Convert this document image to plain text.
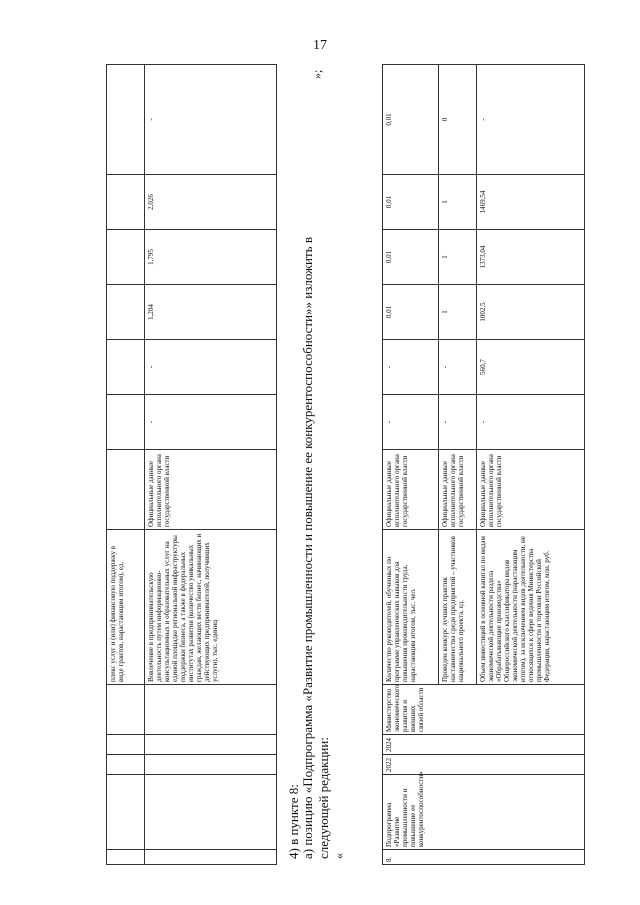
17
					плекс услуг и (или) финансовую поддержку в виде грантов, нарастающим итогом), ед.							
					Вовлечение в предпринимательскую деятельность путем информационно-консультационных и образовательных услуг на единой площадке региональной инфраструктуры поддержки бизнеса, а также в федеральных институтах развития (количество уникальных граждан, желающих вести бизнес, начинающих и действующих предпринимателей, получивших услуги), тыс. единиц	Официальные данные исполнительного органа государственной власти	-	-	1,204	1,795	2,026	-
4) в пункте 8: а) позицию «Подпрограмма «Развитие промышленности и повышение ее конкурентоспособности»» изложить в следующей редакции:
»;
«
8.	Подпрограмма «Развитие промышленности и повышение ее конкурентоспособности»	2022	2024	Министерство экономического развития и внешних связей области	Количество руководителей, обученных по программе управленческих навыков для повышения производительности труда, нарастающим итогом, тыс. чел.	Официальные данные исполнительного органа государственной власти	-	-	0,01	0,01	0,01	0,01
					Проведен конкурс лучших практик наставничества среди предприятий – участников национального проекта, ед.	Официальные данные исполнительного органа государственной власти	-	-	1	1	1	0
					Объем инвестиций в основной капитал по видам экономической деятельности раздела «Обрабатывающие производства» Общероссийского классификатора видов экономической деятельности (нарастающим итогом), за исключением видов деятельности, не относящихся к сфере ведения Министерства промышленности и торговли Российской Федерации, нарастающим итогом, млн. руб.	Официальные данные исполнительного органа государственной власти	-	560,7	1002,5	1373,04	1469,54	-
